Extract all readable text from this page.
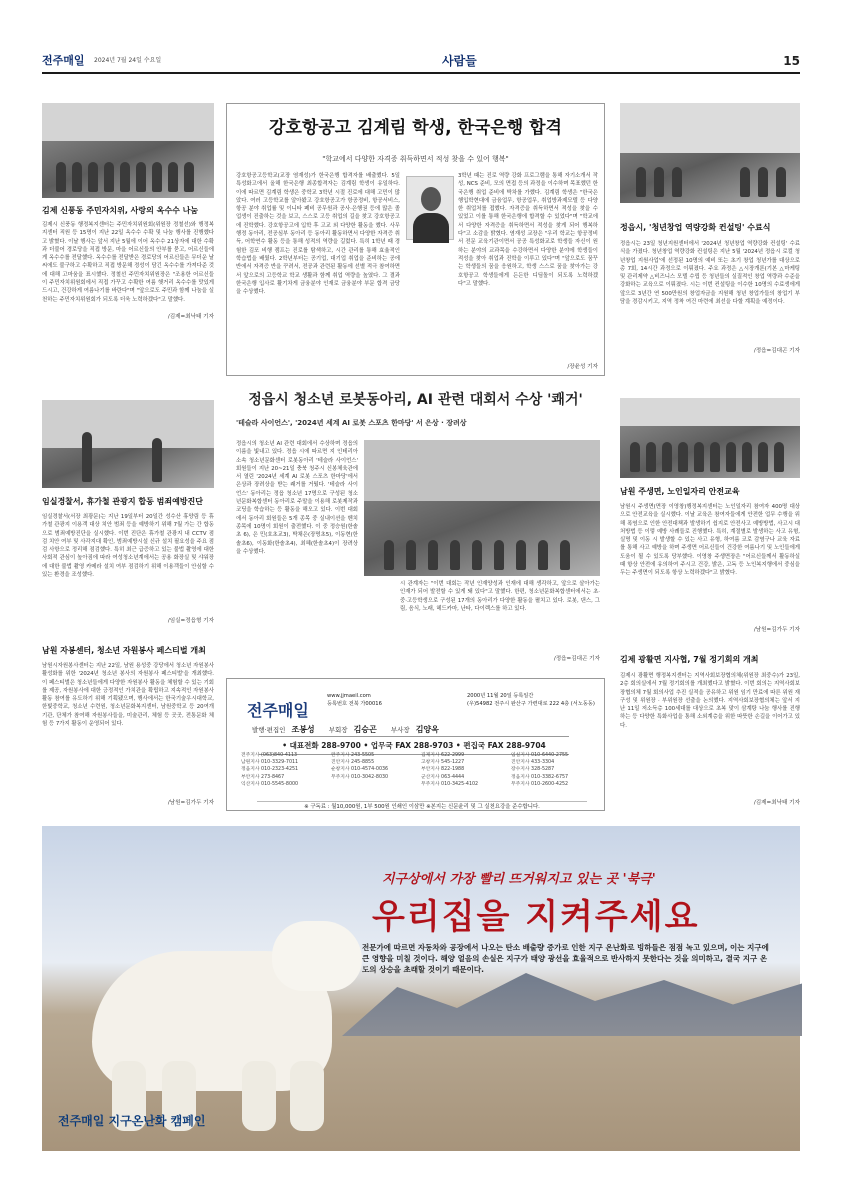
전주매일 2024년 7월 24일 수요일	사람들	15
김제 신풍동 주민자치위, 사랑의 옥수수 나눔
김제시 신풍동 행정복지센터는 주민자치위원회(위원장 정철선)와 행정복지센터 직원 등 15명이 지난 22일 옥수수 수확 및 나눔 행사를 진행했다고 밝혔다. 이날 행사는 앞서 지난 5월에 이어 옥수수 21상자에 대한 수확과 더불어 경로당을 직접 방문, 마을 어르신들의 안부를 묻고, 어르신들에게 옥수수를 전달했다. 옥수수를 전달받은 경로당의 어르신들은 무더운 날씨에도 불구하고 수확하고 직접 방문해 정성이 담긴 옥수수를 가져다준 것에 대해 고마움을 표시했다. 정철선 주민자치위원장은 "조용한 어르신들이 주민자치위원회에서 직접 가꾸고 수확한 여름 햇거리 옥수수를 맛있게 드시고, 건강하게 여름나기를 바란다"며 "앞으로도 주민과 함께 나눔을 실천하는 주민자치위원회가 되도록 더욱 노력하겠다"고 말했다.
/김제=최낙태 기자
임실경찰서, 휴가철 관광지 합동 범죄예방진단
임실경찰서(서장 최광문)는 지난 19일부터 20일간 성수산 휴양림 등 휴가철 관광지 이용객 대상 치안 범죄 등을 예방하기 위해 7월 가는 간 합동으로 범죄예방진단을 실시했다. 이번 진단은 휴가철 관광지 내 CCTV 점검 치안 여부 및 사각지대 확인, 범죄예방시설 신규 설치 필요성을 주요 점검 사항으로 정리해 점검했다. 특히 최근 급증하고 있는 불법 촬영에 대한 사회적 관심이 높아짐에 따라 여성청소년계에서는 공용 화장실 및 샤워장에 대한 불법 촬영 카메라 설치 여부 점검하기 위해 이용객들이 안심할 수 있는 환경을 조성했다.
/임실=정읍형 기자
남원 자봉센터, 청소년 자원봉사 페스티벌 개최
남원시자원봉사센터는 지난 22일, 남원 용성중 강당에서 청소년 자원봉사 활성화를 위한 '2024년 청소년 봉사의 자원봉사 페스티벌'을 개최했다. 이 페스티벌은 청소년들에게 다양한 자원봉사 활동을 체험할 수 있는 기회를 제공, 자원봉사에 대한 긍정적인 가치관을 확립하고 지속적인 자원봉사 활동 참여를 유도하기 위해 기획됐으며, 행사에서는 한국기술우시대학교, 한빛중학교, 청소년 수련원, 청소년문화복지센터, 남원중학교 등 20여개 기관, 단체가 참여해 자원봉사들을, 미술관리, 체험 등 곳곳, 전통문화 체험 등 7가지 활동이 운영되어 있다.
/남원=김가두 기자
강호항공고 김계림 학생, 한국은행 합격
"학교에서 다양한 자격증 취득하면서 적성 찾을 수 있어 행복"
강호항공고등학교(교장 염재성)가 한국은행 합격자를 배출했다. 5일 특성화고에서 올해 한국은행 최종합격자는 김계림 학생이 유일하다. 이에 따르면 김계림 학생은 중학교 3학년 시절 진로에 대해 고민이 많았다. 여러 고등학교를 알아봤고 강호항공고가 항공정비, 항공서비스, 항공 분야 취업률 및 이니타 폐비 공무원과 공사·은행권 등에 많은 졸업생이 진출하는 것을 보고, 스스로 고등 취업의 길을 찾고 강호항공고에 진학했다. 강호항공고에 입학 후 고교 외 다양한 활동을 했다. 사무행정 동아리, 전공심부 동아리 등 동아리 활동하면서 다양한 자격증 취득, 어학연수 활동 등을 통해 성적의 역량을 길렀다. 특히 1학년 때 경험한 김포 비행 캠프는 진로를 탐색하고, 시간 관리를 통해 효율적인 학습법을 배웠다. 2학년부터는 공기업, 대기업 취업을 준비하는 공에반에서 자격증 반을 꾸려서, 전공과 관련된 활동에 선별 적극 참여하면서 앞으로의 고등학교 학교 생활과 함께 취업 역량을 높였다. 그 결과 한국은행 입사로 활기차게 금융분야 인재로 금융분야 부문 합격 금당을 수상했다.
3학년 때는 진로 역량 강화 프로그램을 통해 자기소개서 작성, NCS 준비, 모의 면접 등의 과정을 이수하며 목표했던 한국은행 취업 준비에 박차를 가했다. 김계림 학생은 "한국은행입학현대에 금융업무, 항공업무, 취업방과제모델 등 다양한 취업처를 접했다. 자격증을 취득하면서 적성을 찾을 수 있었고 이를 통해 한국은행에 합격할 수 있었다"며 "학교에서 다양한 자격증을 취득하면서 적성을 찾게 되어 행복하다"고 소감을 밝혔다. 염재성 교장은 "우리 학교는 항공정비서 전문 교육기관이면서 공공 특성화교로 학생들 자신이 원하는 분야의 교과목을 수강하면서 다양한 분야에 학생들이 적성을 찾아 취업과 진학을 이루고 있다"며 "앞으로도 꿈꾸는 학생들의 꿈을 응원하고, 학생 스스로 꿈을 찾아가는 강호항공고 학생들에게 든든한 디딤돌이 되도록 노력하겠다"고 말했다.
/장윤성 기자
정읍시 청소년 로봇동아리, AI 관련 대회서 수상 '쾌거'
'테슬라 사이언스', '2024년 세계 AI 로봇 스포츠 한마당' 서 은상 · 장려상
정읍시의 청소년 AI 관련 대회에서 수상하며 정읍의 이름을 빛내고 있다. 정읍 시에 따르면 지 인테리아 소속 청소년문화센터 로봇동아리 '테슬라 사이언스' 회원들이 지난 20~21일 충북 청주시 신봉체육관에서 열린 '2024년 세계 AI 로봇 스포츠 한마당'에서 은상과 장려상을 받는 쾌거를 거뒀다. '테슬라 사이언스' 동아리는 정읍 청소년 17명으로 구성된 청소년문화복합센터 동아리로 주말을 이용해 로봇제작과 코딩을 학습하는 등 활동을 해오고 있다. 이번 대회에서 동아리 회원들은 5개 종목 중 실내이션을 벤치 종목에 10명이 회원이 출전했다. 이 중 정승원(한솔초 6), 은 민(호초교3), 박채은(장명초5), 이동현(한솔초6), 이동화(한솔초4), 최혜(한솔초4)이 장려상을 수상했다.
시 관계자는 "이번 대회는 작년 인재양성과 인재에 대해 생각하고, 앞으로 살아가는 인재가 되어 발전할 수 있게 돼 있다"고 말했다. 한편, 청소년문화복합센터에서는 초·중·고등학생으로 구성된 17개의 동아리가 다양한 활동을 펼치고 있다. 로봇, 댄스, 그림, 음식, 노래, 헤드카마, 난타, 다이렉스를 하고 있다.
/정읍=김대곤 기자
전주매일
www.jjmaeil.com
등록번호 전북 가00016
2000년 11월 20일 등록일간
(우)54982 전주시 완산구 가련대로 222 4층 (서노동동)
발행·편집인 조봉성 부회장 김승곤 부사장 김양옥
• 대표전화 288-9700 • 업무국 FAX 288-9703 • 편집국 FAX 288-9704
전주지사 (063)840-4113	완주지사 243-5505	김제지사 622-2999	임실지사 010-6440-2755
남원지사 010-3329-7011	진안지사 245-8855	고창지사 545-1227	진안지사 433-3304
정읍지사 010-2323-4251	순창지사 010-4574-0036	부안지사 822-1988	장수지사 328-5287
부안지사 273-8467	무주지사 010-3042-8030	군산지사 063-4444	정읍지사 010-3382-6757
익산지사 010-5545-8000	무주지사 010-3425-4102	무주지사 010-2600-4252
※ 구독료 : 월10,000원, 1부 500원 인쇄인 이삼만 ※본지는 신문윤리 및 그 실천요강을 준수합니다.
정읍시, '청년창업 역량강화 컨설팅' 수료식
정읍시는 23일 청년지원센터에서 '2024년 청년창업 역량강화 컨설팅' 수료식을 가졌다. 청년창업 역량강화 컨설팅은 지난 5월 '2024년 정읍시 로컬 청년창업 지원사업'에 선정된 10명의 예비 또는 초기 창업 청년가를 대상으로 총 7회, 14시간 과정으로 이뤄졌다. 주요 과정은 △시장개론(기본 △마케팅 및 관리제약 △비즈니스 모델 수립 등 청년들의 실질적인 창업 역량과 수준을 강화하는 교육으로 이뤄졌다. 시는 이번 컨설팅을 이수한 10명의 수료생에게 앞으로 3년간 연 500만원의 창업자금을 지원해 청년 창업가들의 창업기 부담을 경감시키고, 지역 정착 여건 마련에 최선을 다할 계획을 예정이다.
/정읍=김대곤 기자
남원 주생면, 노인일자리 안전교육
남원시 주생면(면장 이영창)행정복지센터는 노인일자리 참여자 400명 대상으로 안전교육을 실시했다. 이날 교육은 참여자들에게 안전한 업무 수행을 위해 폭염으로 인한 안전대책과 발생하기 쉽지로 안전사고 예방방법, 사고시 대처방법 등 이렇 예방 사례들로 진행했다. 특히, 계절별로 발생하는 사고 유형, 실명 및 이동 시 발생할 수 있는 사고 유형, 하여름 코로 감염구나 교육 자료를 통해 사고 예방을 하며 주생면 어르신들이 건강한 여름나기 및 노인들에게 도움이 될 수 있도록 당부했다. 이영창 주생면장은 "어르신들께서 활동하실 때 항상 안전에 유의하여 주시고 건강, 밝은, 고독 등 노인복지행에서 중심을 두는 주생면이 되도록 항상 노력하겠다"고 밝혔다.
/남원=김가두 기자
김제 광활면 지사협, 7월 정기회의 개최
김제시 광활면 행정복지센터는 지역사회보장협의체(위원장 최중수)가 23일, 2층 회의실에서 7월 정기회의를 개최했다고 밝혔다. 이번 회의는 지역사회보장협의체 7월 회의사업 추진 실적을 공유하고 위원 임기 만료에 따른 위원 재구성 및 위원장 · 부위원장 선출을 논의했다. 지역사회보장협의체는 앞서 지난 11일 저소득층 100세대를 대상으로 초복 맞이 삼계탕 나눔 행사를 진행하는 등 다양한 특화사업을 통해 소외계층을 위한 따뜻한 손길을 이어가고 있다.
/김제=최낙태 기자
지구상에서 가장 빨리 뜨거워지고 있는 곳 '북극'
우리집을 지켜주세요
전문가에 따르면 자동차와 공장에서 나오는 탄소 배출량 증가로 인한 지구 온난화로 빙하들은 점점 녹고 있으며, 이는 지구에 큰 영향을 미칠 것이다. 해양 얼음의 손실은 지구가 태양 광선을 효율적으로 반사하지 못한다는 것을 의미하고, 결국 지구 온도의 상승을 초래할 것이기 때문이다.
전주매일 지구온난화 캠페인
